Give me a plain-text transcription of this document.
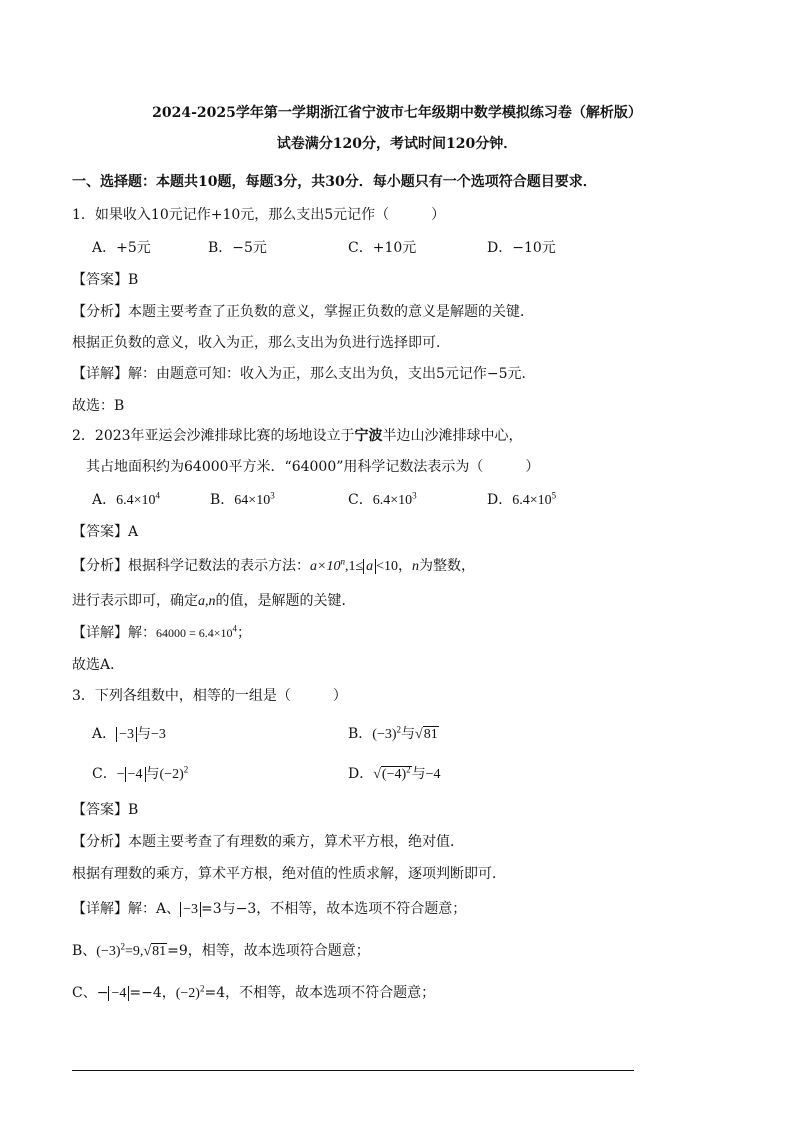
2024-2025学年第一学期浙江省宁波市七年级期中数学模拟练习卷（解析版）
试卷满分120分，考试时间120分钟．
一、选择题：本题共10题，每题3分，共30分．每小题只有一个选项符合题目要求．
1．如果收入10元记作+10元，那么支出5元记作（　　　）
A．+5元	B．−5元	C．+10元	D．−10元
【答案】B
【分析】本题主要考查了正负数的意义，掌握正负数的意义是解题的关键．
根据正负数的意义，收入为正，那么支出为负进行选择即可．
【详解】解：由题意可知：收入为正，那么支出为负，支出5元记作−5元．
故选：B
2．2023年亚运会沙滩排球比赛的场地设立于宁波半边山沙滩排球中心，
其占地面积约为64000平方米．“64000”用科学记数法表示为（　　　）
A．$6.4\times 10^4$	B．$64\times 10^3$	C．$6.4\times 10^3$	D．$6.4\times 10^5$
【答案】A
【分析】根据科学记数法的表示方法：$a\times 10^n,1\le a <10$，n为整数，
进行表示即可，确定a,n的值，是解题的关键．
【详解】解：$64000 = 6.4\times 10^4$；
故选A．
3．下列各组数中，相等的一组是（　　　）
A． −3 与−3	B．$(-3)^2$与√81
C．− −4 与$(-2)^2$	D．$√(-4)^2$与−4
【答案】B
【分析】本题主要考查了有理数的乘方，算术平方根，绝对值．
根据有理数的乘方，算术平方根，绝对值的性质求解，逐项判断即可．
【详解】解：A、 −3 =3与−3，不相等，故本选项不符合题意；
B、$(-3)^2=9,√81=9$，相等，故本选项符合题意；
C、− −4 =−4，$(-2)^2=4$，不相等，故本选项不符合题意；
